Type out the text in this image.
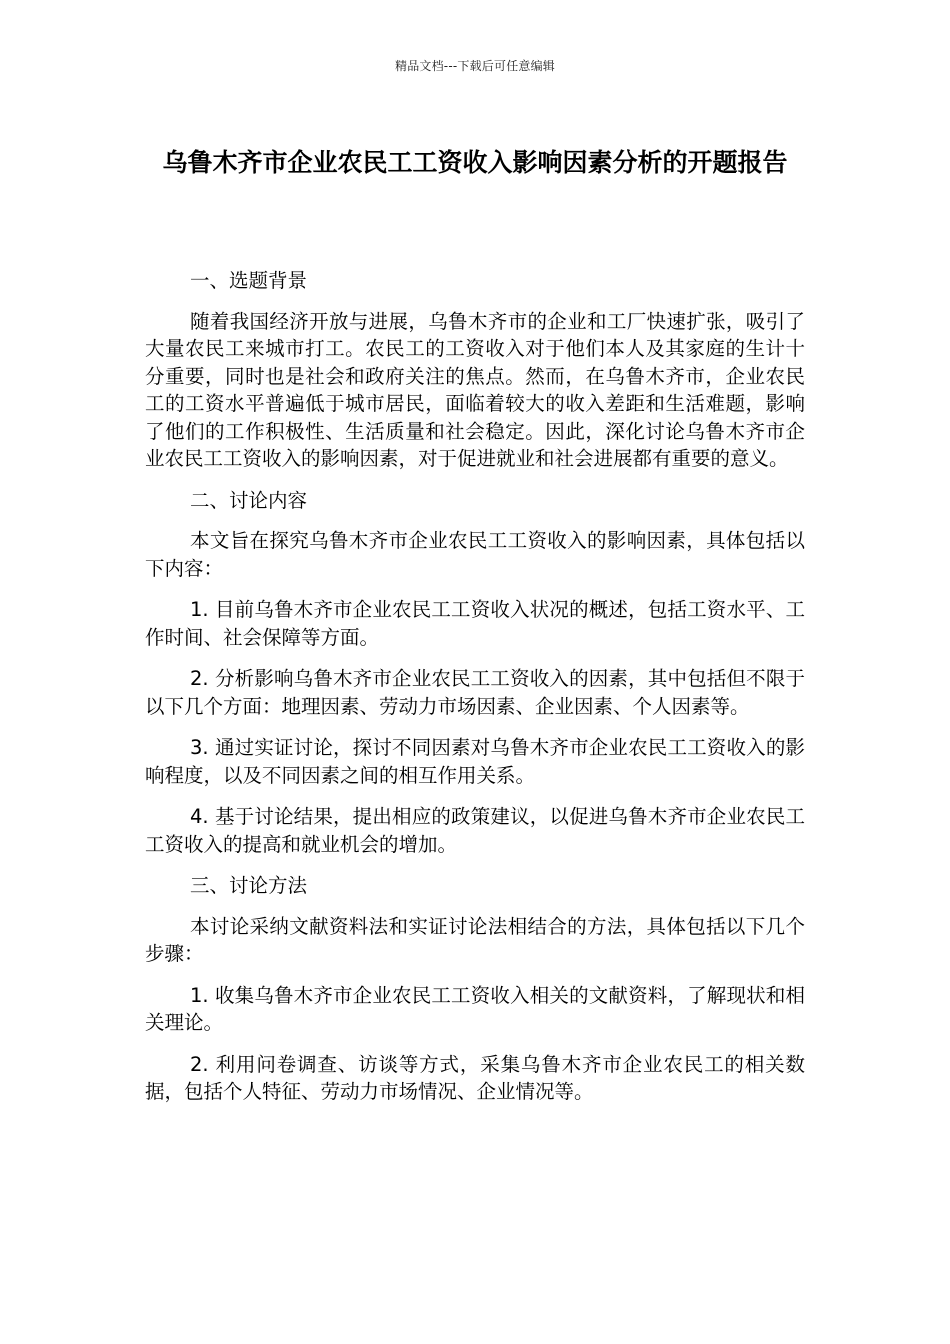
精品文档---下载后可任意编辑
乌鲁木齐市企业农民工工资收入影响因素分析的开题报告

一、选题背景

随着我国经济开放与进展，乌鲁木齐市的企业和工厂快速扩张，吸引了大量农民工来城市打工。农民工的工资收入对于他们本人及其家庭的生计十分重要，同时也是社会和政府关注的焦点。然而，在乌鲁木齐市，企业农民工的工资水平普遍低于城市居民，面临着较大的收入差距和生活难题，影响了他们的工作积极性、生活质量和社会稳定。因此，深化讨论乌鲁木齐市企业农民工工资收入的影响因素，对于促进就业和社会进展都有重要的意义。

二、讨论内容

本文旨在探究乌鲁木齐市企业农民工工资收入的影响因素，具体包括以下内容：

1. 目前乌鲁木齐市企业农民工工资收入状况的概述，包括工资水平、工作时间、社会保障等方面。

2. 分析影响乌鲁木齐市企业农民工工资收入的因素，其中包括但不限于以下几个方面：地理因素、劳动力市场因素、企业因素、个人因素等。

3. 通过实证讨论，探讨不同因素对乌鲁木齐市企业农民工工资收入的影响程度，以及不同因素之间的相互作用关系。

4. 基于讨论结果，提出相应的政策建议，以促进乌鲁木齐市企业农民工工资收入的提高和就业机会的增加。

三、讨论方法

本讨论采纳文献资料法和实证讨论法相结合的方法，具体包括以下几个步骤：

1. 收集乌鲁木齐市企业农民工工资收入相关的文献资料，了解现状和相关理论。

2. 利用问卷调查、访谈等方式，采集乌鲁木齐市企业农民工的相关数据，包括个人特征、劳动力市场情况、企业情况等。
